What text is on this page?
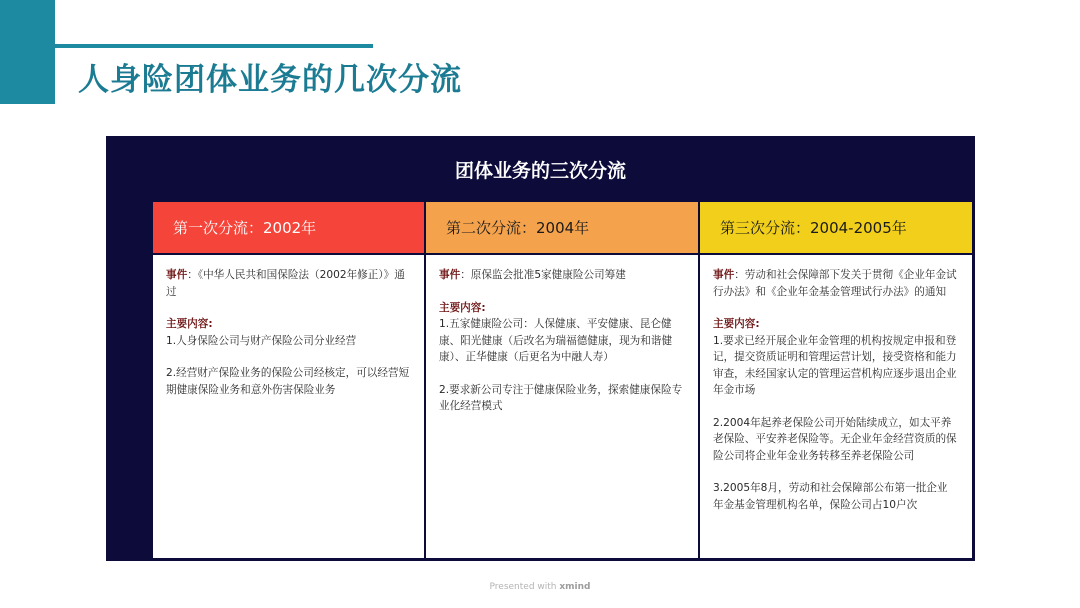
人身险团体业务的几次分流
团体业务的三次分流
第一次分流：2002年	第二次分流：2004年	第三次分流：2004-2005年

事件：《中华人民共和国保险法（2002年修正）》通过

主要内容:

1.人身保险公司与财产保险公司分业经营

2.经营财产保险业务的保险公司经核定，可以经营短期健康保险业务和意外伤害保险业务

事件：原保监会批准5家健康险公司筹建

主要内容:

1.五家健康险公司：人保健康、平安健康、昆仑健康、阳光健康（后改名为瑞福德健康，现为和谐健康）、正华健康（后更名为中融人寿）

2.要求新公司专注于健康保险业务，探索健康保险专业化经营模式

事件：劳动和社会保障部下发关于贯彻《企业年金试行办法》和《企业年金基金管理试行办法》的通知

主要内容:

1.要求已经开展企业年金管理的机构按规定申报和登记，提交资质证明和管理运营计划，接受资格和能力审查，未经国家认定的管理运营机构应逐步退出企业年金市场

2.2004年起养老保险公司开始陆续成立，如太平养老保险、平安养老保险等。无企业年金经营资质的保险公司将企业年金业务转移至养老保险公司

3.2005年8月，劳动和社会保障部公布第一批企业年金基金管理机构名单，保险公司占10户次

Presented with xmind
